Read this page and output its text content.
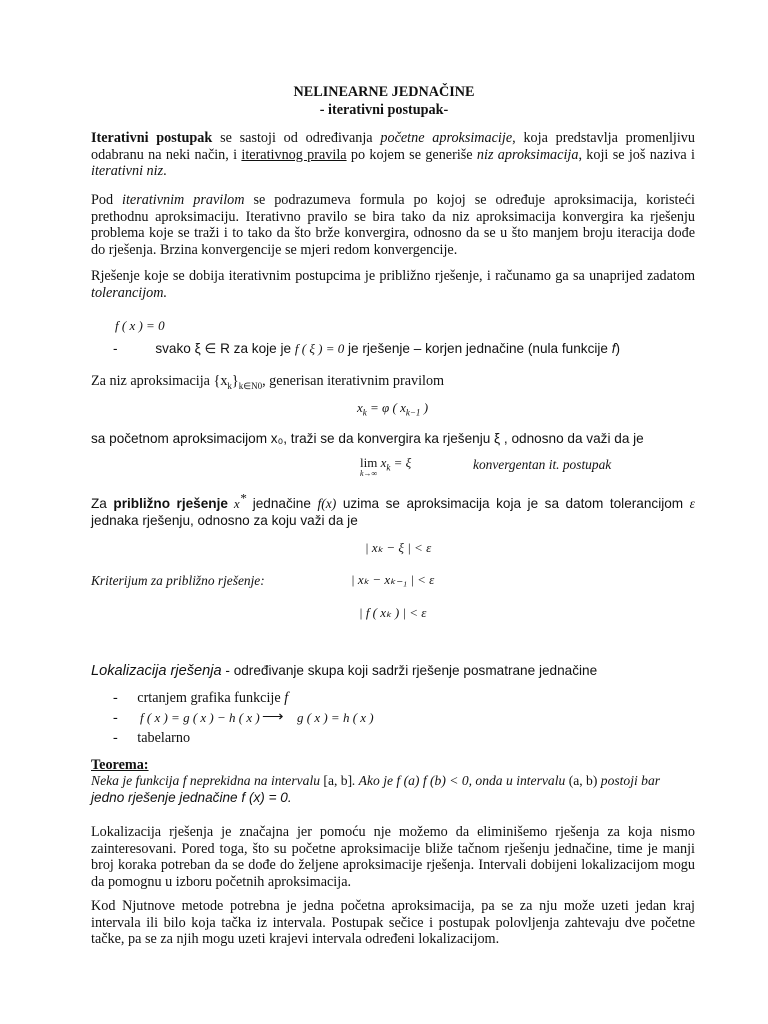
NELINEARNE JEDNAČINE
- iterativni postupak-
Iterativni postupak se sastoji od određivanja početne aproksimacije, koja predstavlja promenljivu odabranu na neki način, i iterativnog pravila po kojem se generiše niz aproksimacija, koji se još naziva i iterativni niz.
Pod iterativnim pravilom se podrazumeva formula po kojoj se određuje aproksimacija, koristeći prethodnu aproksimaciju. Iterativno pravilo se bira tako da niz aproksimacija konvergira ka rješenju problema koje se traži i to tako da što brže konvergira, odnosno da se u što manjem broju iteracija dođe do rješenja. Brzina konvergencije se mjeri redom konvergencije.
Rješenje koje se dobija iterativnim postupcima je približno rješenje, i računamo ga sa unaprijed zadatom tolerancijom.
f ( x ) = 0
-	svako ξ ∈ R za koje je f ( ξ ) = 0 je rješenje – korjen jednačine (nula funkcije f)
Za niz aproksimacija $\{x_k\}_{k\in N0}$, generisan iterativnim pravilom
$x_k = \varphi$ ( $x_{k-1}$ )
sa početnom aproksimacijom x₀, traži se da konvergira ka rješenju ξ , odnosno da važi da je
$\lim x_k = \xi$
k→∞
konvergentan it. postupak
Za približno rješenje x* jednačine f(x) uzima se aproksimacija koja je sa datom tolerancijom ε jednaka rješenju, odnosno za koju važi da je
| xₖ − ξ | < ε
Kriterijum za približno rješenje:	| xₖ − xₖ₋₁ | < ε
| f ( xₖ ) | < ε
Lokalizacija rješenja - određivanje skupa koji sadrži rješenje posmatrane jednačine
- crtanjem grafika funkcije f
- f ( x ) = g ( x ) − h ( x ) ⟶ g ( x ) = h ( x )
- tabelarno
Teorema:
Neka je funkcija f neprekidna na intervalu [a, b]. Ako je f (a) f (b) < 0, onda u intervalu (a, b) postoji bar
jedno rješenje jednačine f (x) = 0.
Lokalizacija rješenja je značajna jer pomoću nje možemo da eliminišemo rješenja za koja nismo zainteresovani. Pored toga, što su početne aproksimacije bliže tačnom rješenju jednačine, time je manji broj koraka potreban da se dođe do željene aproksimacije rješenja. Intervali dobijeni lokalizacijom mogu da pomognu u izboru početnih aproksimacija.
Kod Njutnove metode potrebna je jedna početna aproksimacija, pa se za nju može uzeti jedan kraj intervala ili bilo koja tačka iz intervala. Postupak sečice i postupak polovljenja zahtevaju dve početne tačke, pa se za njih mogu uzeti krajevi intervala određeni lokalizacijom.
